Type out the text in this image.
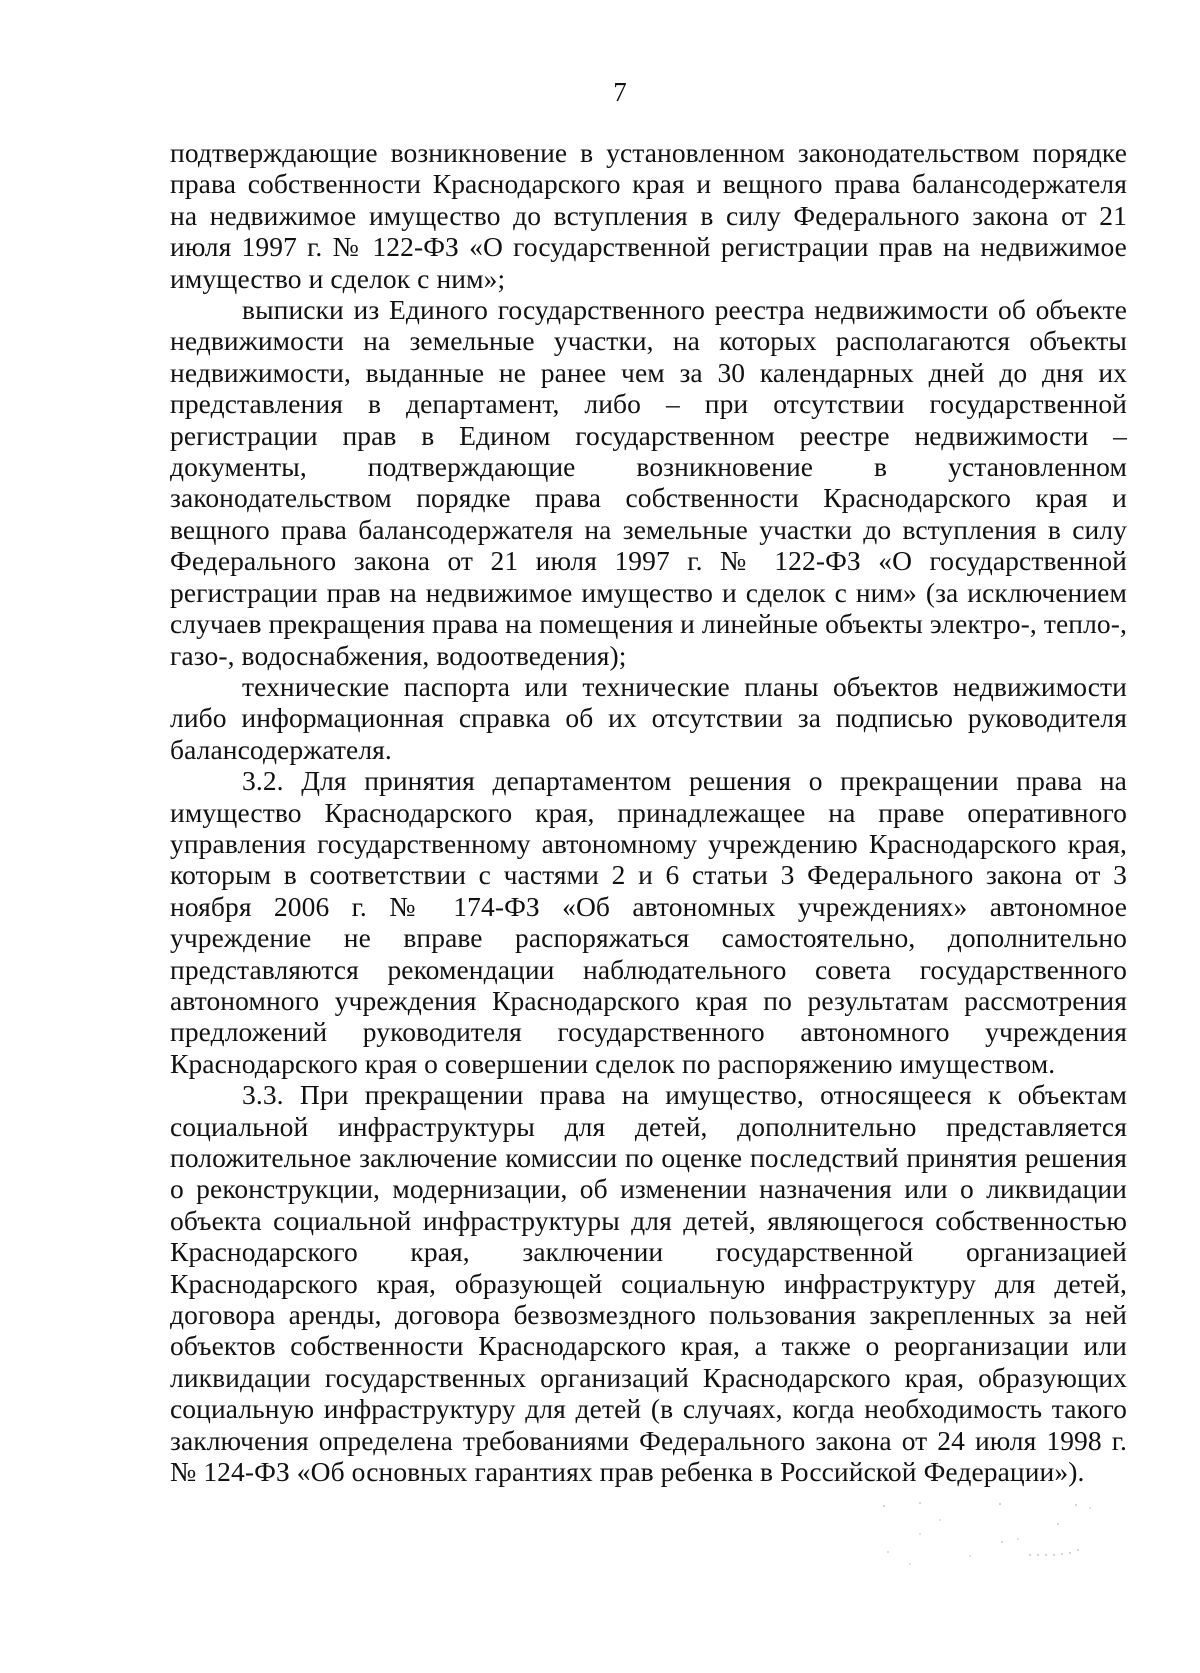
7

подтверждающие возникновение в установленном законодательством порядке права собственности Краснодарского края и вещного права балансодержателя на недвижимое имущество до вступления в силу Федерального закона от 21 июля 1997 г. № 122-ФЗ «О государственной регистрации прав на недвижимое имущество и сделок с ним»;

выписки из Единого государственного реестра недвижимости об объекте недвижимости на земельные участки, на которых располагаются объекты недвижимости, выданные не ранее чем за 30 календарных дней до дня их представления в департамент, либо – при отсутствии государственной регистрации прав в Едином государственном реестре недвижимости – документы, подтверждающие возникновение в установленном законодательством порядке права собственности Краснодарского края и вещного права балансодержателя на земельные участки до вступления в силу Федерального закона от 21 июля 1997 г. № 122-ФЗ «О государственной регистрации прав на недвижимое имущество и сделок с ним» (за исключением случаев прекращения права на помещения и линейные объекты электро-, тепло-, газо-, водоснабжения, водоотведения);

технические паспорта или технические планы объектов недвижимости либо информационная справка об их отсутствии за подписью руководителя балансодержателя.

3.2. Для принятия департаментом решения о прекращении права на имущество Краснодарского края, принадлежащее на праве оперативного управления государственному автономному учреждению Краснодарского края, которым в соответствии с частями 2 и 6 статьи 3 Федерального закона от 3 ноября 2006 г. № 174-ФЗ «Об автономных учреждениях» автономное учреждение не вправе распоряжаться самостоятельно, дополнительно представляются рекомендации наблюдательного совета государственного автономного учреждения Краснодарского края по результатам рассмотрения предложений руководителя государственного автономного учреждения Краснодарского края о совершении сделок по распоряжению имуществом.

3.3. При прекращении права на имущество, относящееся к объектам социальной инфраструктуры для детей, дополнительно представляется положительное заключение комиссии по оценке последствий принятия решения о реконструкции, модернизации, об изменении назначения или о ликвидации объекта социальной инфраструктуры для детей, являющегося собственностью Краснодарского края, заключении государственной организацией Краснодарского края, образующей социальную инфраструктуру для детей, договора аренды, договора безвозмездного пользования закрепленных за ней объектов собственности Краснодарского края, а также о реорганизации или ликвидации государственных организаций Краснодарского края, образующих социальную инфраструктуру для детей (в случаях, когда необходимость такого заключения определена требованиями Федерального закона от 24 июля 1998 г. № 124-ФЗ «Об основных гарантиях прав ребенка в Российской Федерации»).
